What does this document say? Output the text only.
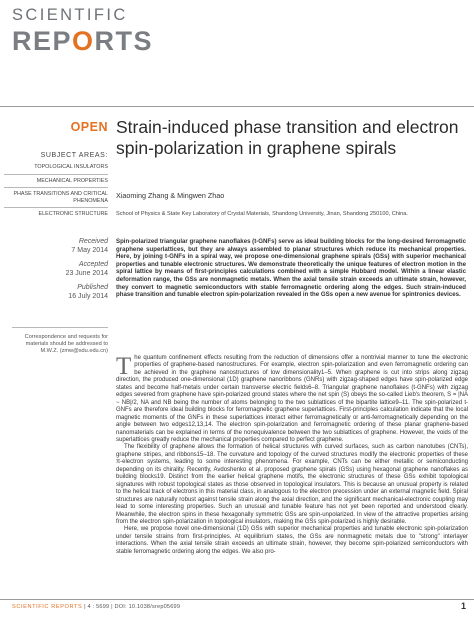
SCIENTIFIC
REPORTS
OPEN
SUBJECT AREAS:
TOPOLOGICAL INSULATORS
MECHANICAL PROPERTIES
PHASE TRANSITIONS AND CRITICAL PHENOMENA
ELECTRONIC STRUCTURE
Received
7 May 2014
Accepted
23 June 2014
Published
16 July 2014
Correspondence and requests for materials should be addressed to M.W.Z. (zmw@sdu.edu.cn)
Strain-induced phase transition and electron spin-polarization in graphene spirals
Xiaoming Zhang & Mingwen Zhao
School of Physics & State Key Laboratory of Crystal Materials, Shandong University, Jinan, Shandong 250100, China.
Spin-polarized triangular graphene nanoflakes (t-GNFs) serve as ideal building blocks for the long-desired ferromagnetic graphene superlattices, but they are always assembled to planar structures which reduce its mechanical properties. Here, by joining t-GNFs in a spiral way, we propose one-dimensional graphene spirals (GSs) with superior mechanical properties and tunable electronic structures. We demonstrate theoretically the unique features of electron motion in the spiral lattice by means of first-principles calculations combined with a simple Hubbard model. Within a linear elastic deformation range, the GSs are nonmagnetic metals. When the axial tensile strain exceeds an ultimate strain, however, they convert to magnetic semiconductors with stable ferromagnetic ordering along the edges. Such strain-induced phase transition and tunable electron spin-polarization revealed in the GSs open a new avenue for spintronics devices.

The quantum confinement effects resulting from the reduction of dimensions offer a nontrivial manner to tune the electronic properties of graphene-based nanostructures. For example, electron spin-polarization and even ferromagnetic ordering can be achieved in the graphene nanostructures of low dimensionality1–5. When graphene is cut into strips along zigzag direction, the produced one-dimensional (1D) graphene nanoribbons (GNRs) with zigzag-shaped edges have spin-polarized edge states and become half-metals under certain transverse electric fields6–8. Triangular graphene nanoflakes (t-GNFs) with zigzag edges severed from graphene have spin-polarized ground states where the net spin (S) obeys the so-called Lieb's theorem, S = |NA − NB|/2, NA and NB being the number of atoms belonging to the two sublattices of the bipartite lattice9–11. The spin-polarized t-GNFs are therefore ideal building blocks for ferromagnetic graphene superlattices. First-principles calculation indicate that the local magnetic moments of the GNFs in these superlattices interact either ferromagnetically or anti-ferromagnetically depending on the angle between two edges12,13,14. The electron spin-polarization and ferromagnetic ordering of these planar graphene-based nanomaterials can be explained in terms of the nonequivalence between the two sublattices of graphene. However, the voids of the superlattices greatly reduce the mechanical properties compared to perfect graphene.

The flexibility of graphene allows the formation of helical structures with curved surfaces, such as carbon nanotubes (CNTs), graphene stripes, and ribbons15–18. The curvature and topology of the curved structures modify the electronic properties of these π-electron systems, leading to some interesting phenomena. For example, CNTs can be either metallic or semiconducting depending on its chirality. Recently, Avdoshenko et al. proposed graphene spirals (GSs) using hexagonal graphene nanoflakes as building blocks19. Distinct from the earlier helical graphene motifs, the electronic structures of these GSs exhibit topological signatures with robust topological states as those observed in topological insulators. This is because an unusual property is related to the helical track of electrons in this material class, in analogous to the electron precession under an external magnetic field. Spiral structures are naturally robust against tensile strain along the axial direction, and the significant mechanical-electronic coupling may lead to some interesting properties. Such an unusual and tunable feature has not yet been reported and understood clearly. Meanwhile, the electron spins in these hexagonally symmetric GSs are spin-unpolarized. In view of the attractive properties arising from the electron spin-polarization in topological insulators, making the GSs spin-polarized is highly desirable.

Here, we propose novel one-dimensional (1D) GSs with superior mechanical properties and tunable electronic spin-polarization under tensile strains from first-principles. At equilibrium states, the GSs are nonmagnetic metals due to "strong" interlayer interactions. When the axial tensile strain exceeds an ultimate strain, however, they become spin-polarized semiconductors with stable ferromagnetic ordering along the edges. We also pro-

SCIENTIFIC REPORTS | 4 : 5699 | DOI: 10.1038/srep05699	1
